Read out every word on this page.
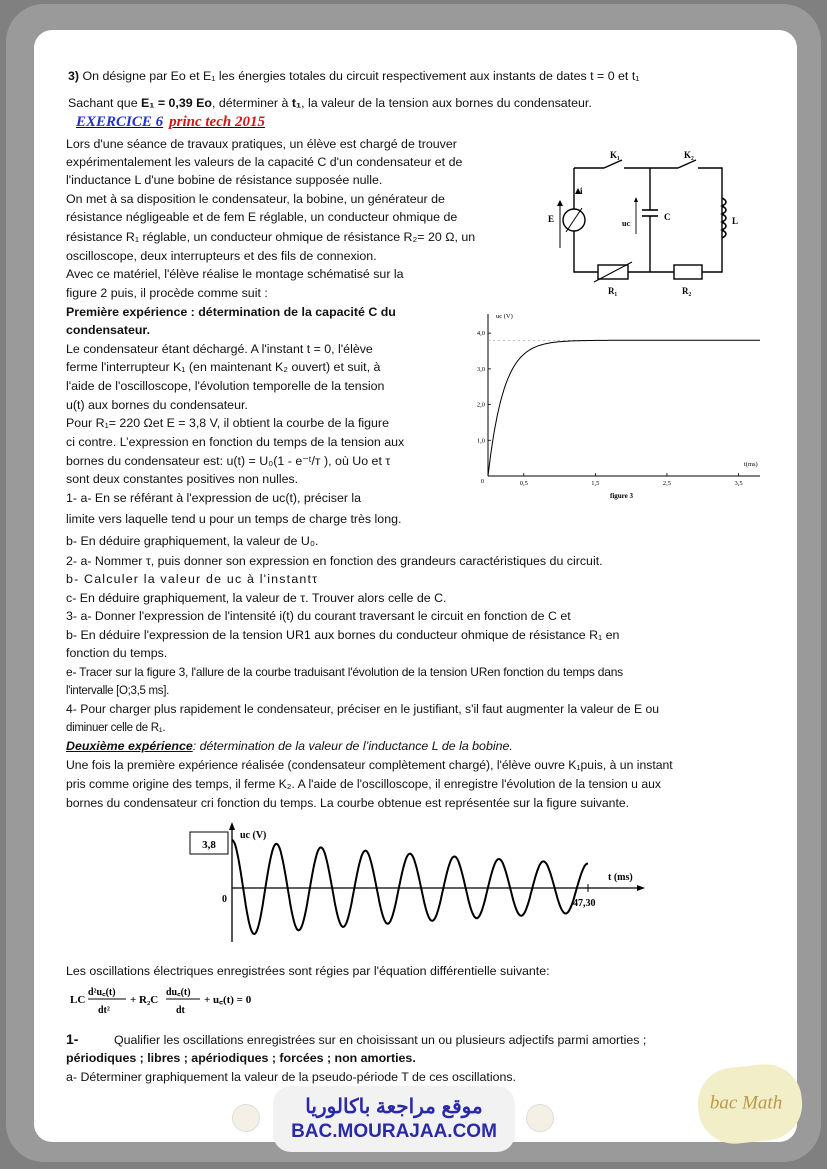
3) On désigne par Eo et E₁ les énergies totales du circuit respectivement aux instants de dates t = 0 et t₁
Sachant que E₁ = 0,39 Eo, déterminer à t₁, la valeur de la tension aux bornes du condensateur.
EXERCICE 6 princ tech 2015
Lors d'une séance de travaux pratiques, un élève est chargé de trouver
expérimentalement les valeurs de la capacité C d'un condensateur et de
l'inductance L d'une bobine de résistance supposée nulle.
On met à sa disposition le condensateur, la bobine, un générateur de
résistance négligeable et de fem E réglable, un conducteur ohmique de
résistance R₁ réglable, un conducteur ohmique de résistance R₂= 20 Ω, un
oscilloscope, deux interrupteurs et des fils de connexion.
Avec ce matériel, l'élève réalise le montage schématisé sur la
figure 2 puis, il procède comme suit :
Première expérience : détermination de la capacité C du
condensateur.
Le condensateur étant déchargé. A l'instant t = 0, l'élève
ferme l'interrupteur K₁ (en maintenant K₂ ouvert) et suit, à
l'aide de l'oscilloscope, l'évolution temporelle de la tension
u(t) aux bornes du condensateur.
Pour R₁= 220 Ωet E = 3,8 V, il obtient la courbe de la figure
ci contre. L’expression en fonction du temps de la tension aux
bornes du condensateur est: u(t) = U₀(1 - e⁻ᵗ/ᴛ ), où Uo et τ
sont deux constantes positives non nulles.
1- a- En se référant à l'expression de uc(t), préciser la
limite vers laquelle tend u pour un temps de charge très long.
b- En déduire graphiquement, la valeur de U₀.
2- a- Nommer τ, puis donner son expression en fonction des grandeurs caractéristiques du circuit.
b- Calculer la valeur de uc à l'instantτ
c- En déduire graphiquement, la valeur de τ. Trouver alors celle de C.
3- a- Donner l'expression de l'intensité i(t) du courant traversant le circuit en fonction de C et
b- En déduire l'expression de la tension UR1 aux bornes du conducteur ohmique de résistance R₁ en
fonction du temps.
e- Tracer sur la figure 3, l'allure de la courbe traduisant l'évolution de la tension URen fonction du temps dans
l'intervalle [O;3,5 ms].
4- Pour charger plus rapidement le condensateur, préciser en le justifiant, s'il faut augmenter la valeur de E ou
diminuer celle de R₁.
Deuxième expérience: détermination de la valeur de l’inductance L de la bobine.
Une fois la première expérience réalisée (condensateur complètement chargé), l'élève ouvre K₁puis, à un instant
pris comme origine des temps, il ferme K₂. A l'aide de l'oscilloscope, il enregistre l'évolution de la tension u aux
bornes du condensateur cri fonction du temps. La courbe obtenue est représentée sur la figure suivante.
3,8
uc (V)
t (ms)
0	47,30
Les oscillations électriques enregistrées sont régies par l'équation différentielle suivante:
LC
d²u꜀(t)
dt²
+ R₂C
du꜀(t)
dt
+ u꜀(t) = 0
1-	Qualifier les oscillations enregistrées sur en choisissant un ou plusieurs adjectifs parmi amorties ;
périodiques ; libres ; apériodiques ; forcées ; non amorties.
a- Déterminer graphiquement la valeur de la pseudo-période T de ces oscillations.
K₁	K₂
i
E	uᴄ
C	L
R₁	R₂
uc (V)
t(ms)
0	0,5	1,5	2,5	3,5
1,0
2,0
3,0
4,0
figure 3
موقع مراجعة باكالوريا
BAC.MOURAJAA.COM
bac Math
